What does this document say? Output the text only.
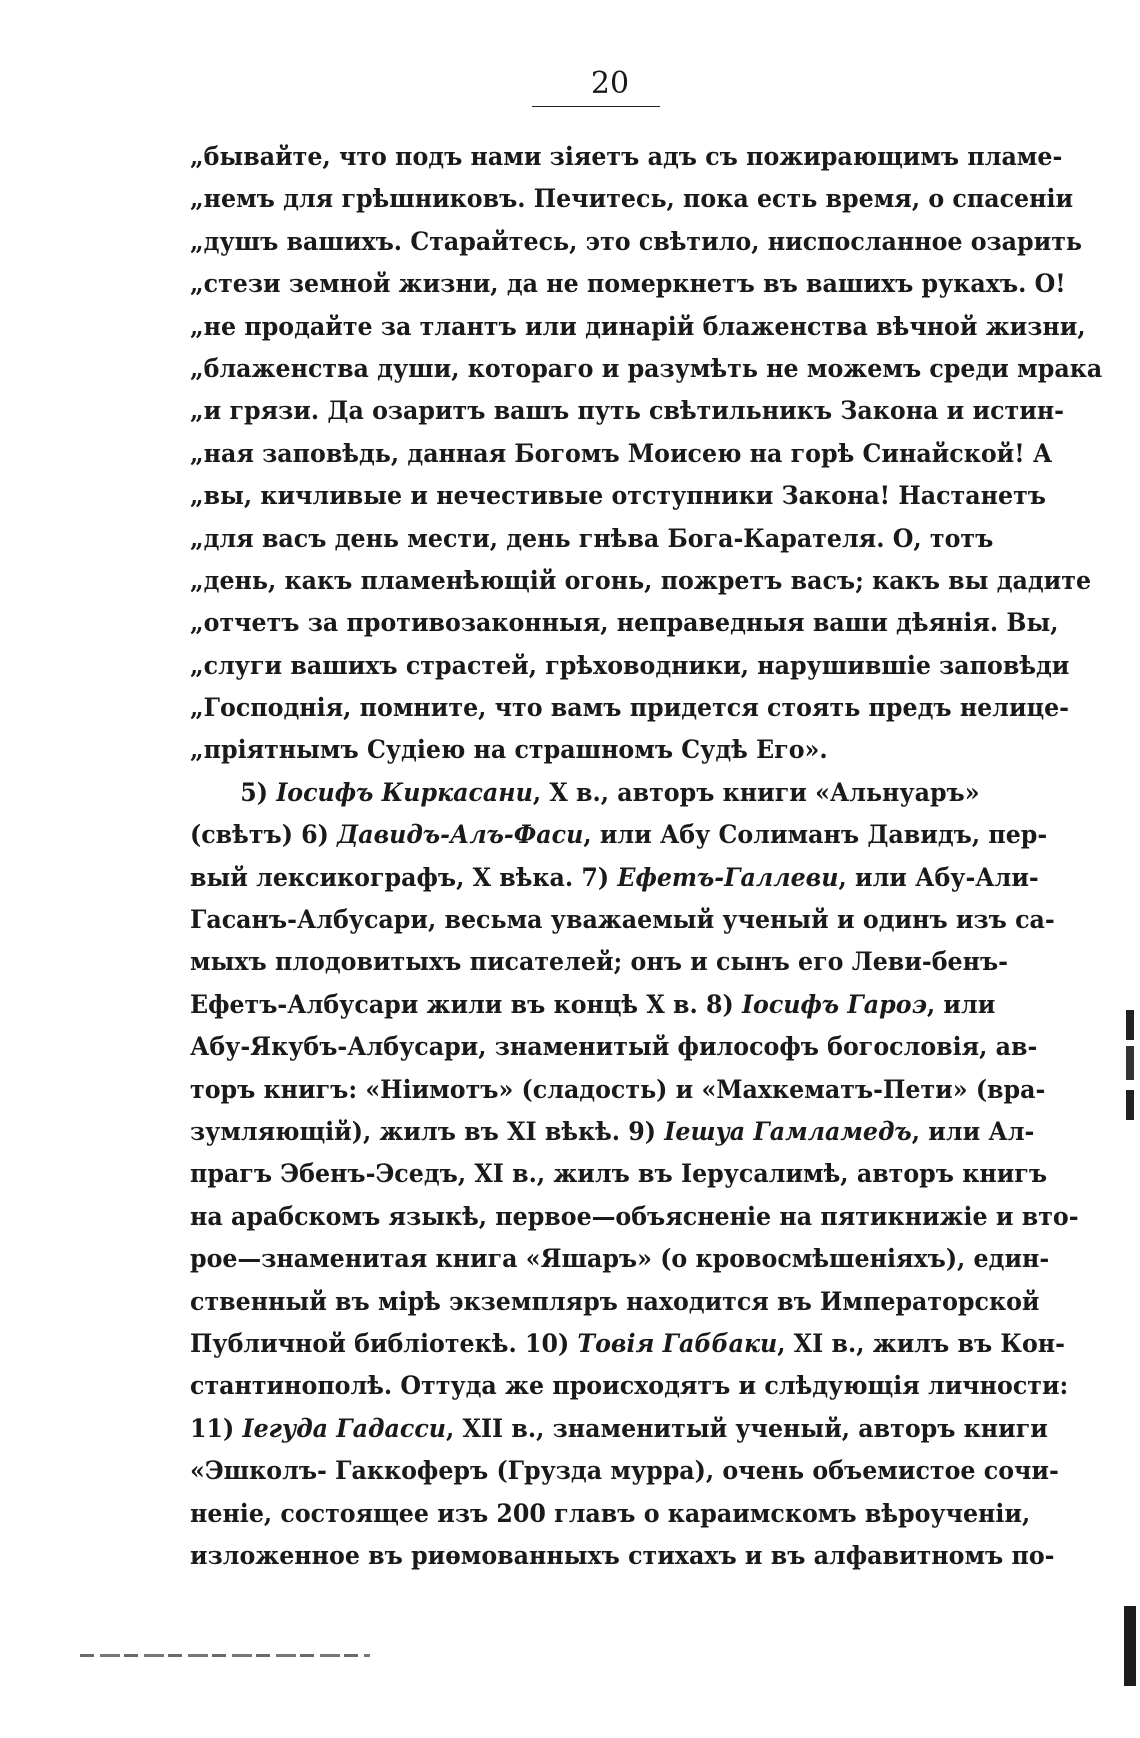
20
„бывайте, что подъ нами зіяетъ адъ съ пожирающимъ пламе-
„немъ для грѣшниковъ. Печитесь, пока есть время, о спасеніи
„душъ вашихъ. Старайтесь, это свѣтило, ниспосланное озарить
„стези земной жизни, да не померкнетъ въ вашихъ рукахъ. О!
„не продайте за тлантъ или динарій блаженства вѣчной жизни,
„блаженства души, котораго и разумѣть не можемъ среди мрака
„и грязи. Да озаритъ вашъ путь свѣтильникъ Закона и истин-
„ная заповѣдь, данная Богомъ Моисею на горѣ Синайской! А
„вы, кичливые и нечестивые отступники Закона! Настанетъ
„для васъ день мести, день гнѣва Бога-Карателя. О, тотъ
„день, какъ пламенѣющій огонь, пожретъ васъ; какъ вы дадите
„отчетъ за противозаконныя, неправедныя ваши дѣянія. Вы,
„слуги вашихъ страстей, грѣховодники, нарушившіе заповѣди
„Господнія, помните, что вамъ придется стоять предъ нелице-
„пріятнымъ Судіею на страшномъ Судѣ Его».
5) Іосифъ Киркасани, X в., авторъ книги «Альнуаръ»
(свѣтъ) 6) Давидъ-Алъ-Фаси, или Абу Солиманъ Давидъ, пер-
вый лексикографъ, X вѣка. 7) Ефетъ-Галлеви, или Абу-Али-
Гасанъ-Албусари, весьма уважаемый ученый и одинъ изъ са-
мыхъ плодовитыхъ писателей; онъ и сынъ его Леви-бенъ-
Ефетъ-Албусари жили въ концѣ X в. 8) Іосифъ Гароэ, или
Абу-Якубъ-Албусари, знаменитый философъ богословія, ав-
торъ книгъ: «Ніимотъ» (сладость) и «Махкематъ-Пети» (вра-
зумляющій), жилъ въ XI вѣкѣ. 9) Іешуа Гамламедъ, или Ал-
прагъ Эбенъ-Эседъ, XI в., жилъ въ Іерусалимѣ, авторъ книгъ
на арабскомъ языкѣ, первое—объясненіе на пятикнижіе и вто-
рое—знаменитая книга «Яшаръ» (о кровосмѣшеніяхъ), един-
ственный въ мірѣ экземпляръ находится въ Императорской
Публичной библіотекѣ. 10) Товія Габбаки, XI в., жилъ въ Кон-
стантинополѣ. Оттуда же происходятъ и слѣдующія личности:
11) Іегуда Гадасси, XII в., знаменитый ученый, авторъ книги
«Эшколъ- Гаккоферъ (Грузда мурра), очень объемистое сочи-
неніе, состоящее изъ 200 главъ о караимскомъ вѣроученіи,
изложенное въ риѳмованныхъ стихахъ и въ алфавитномъ по-
